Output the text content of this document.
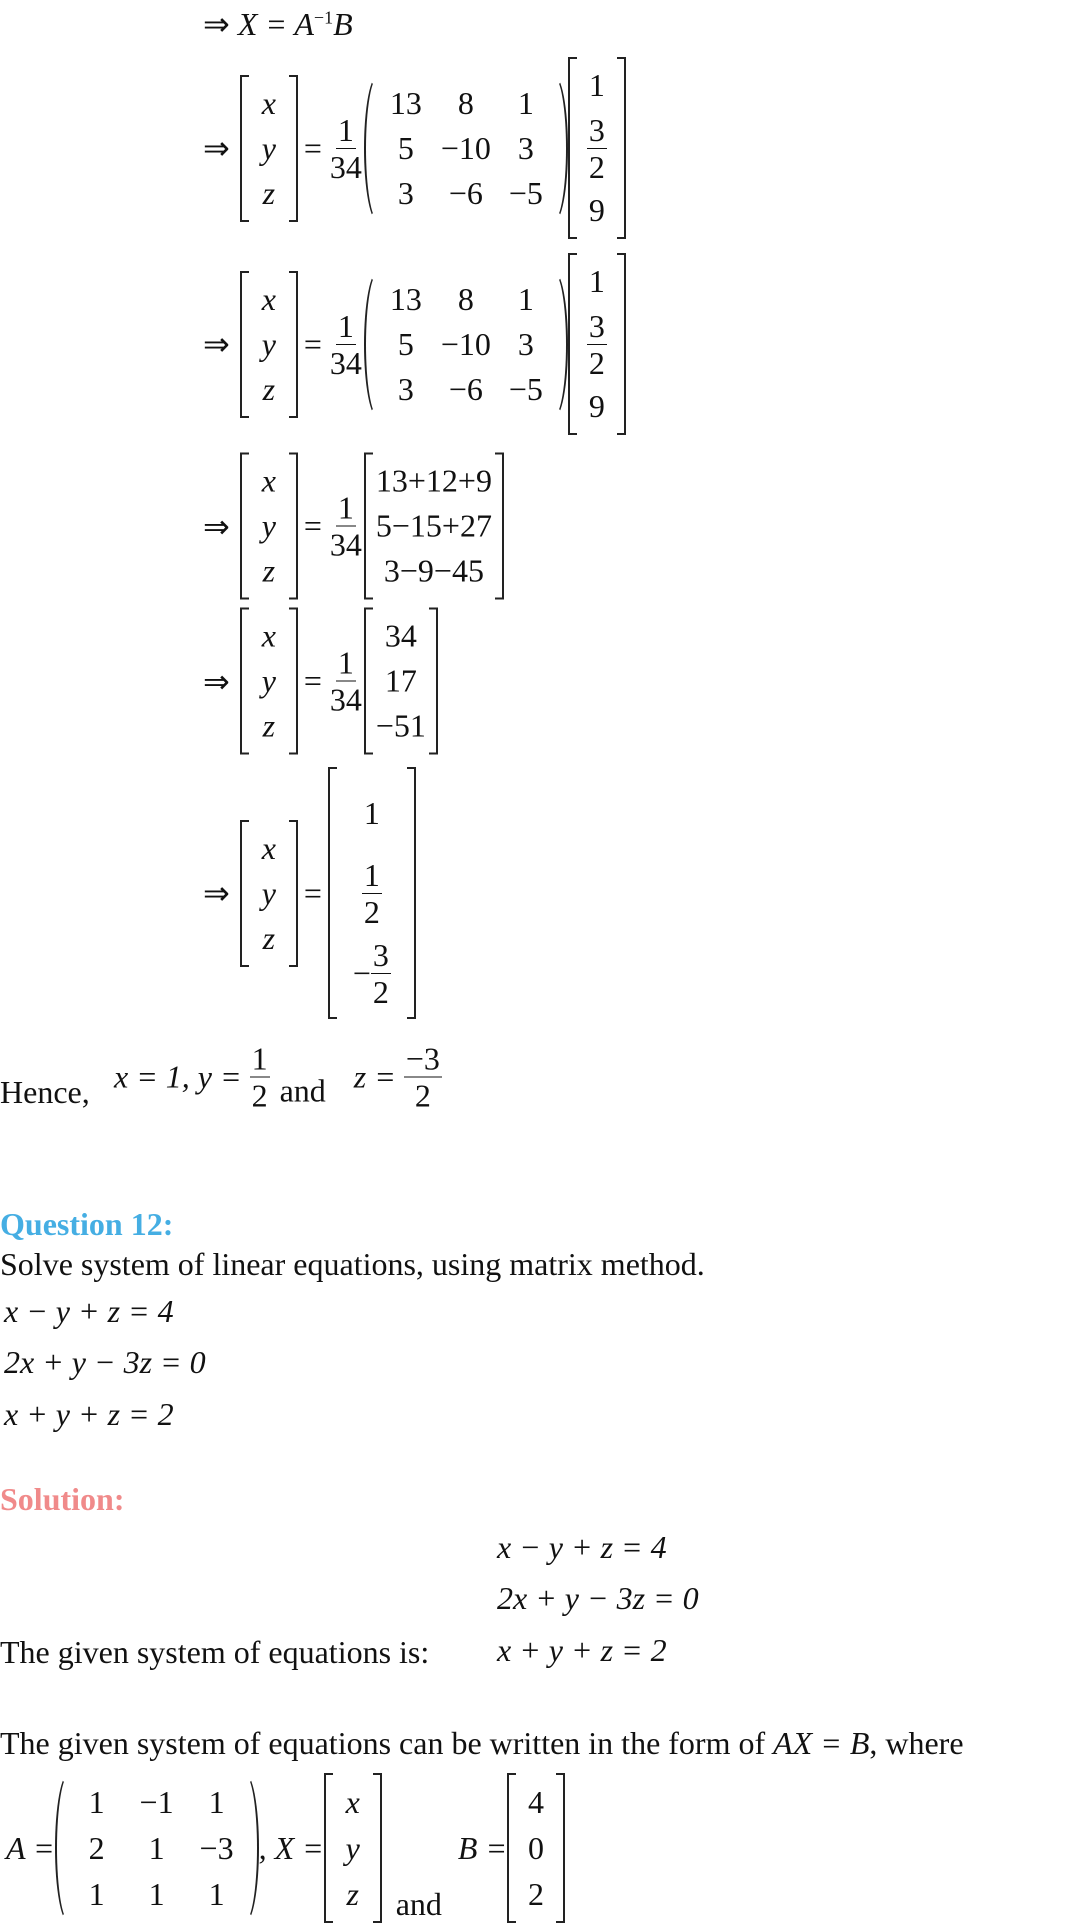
⇒ $X = A^{-1}B$
⇒
x
y
z
= $\frac{1}{34}$
13	8	1
5 −10 3
3	−6 −5
1
$\frac{3}{2}$
9
⇒
x
y
z
= $\frac{1}{34}$
13	8	1
5 −10 3
3	−6 −5
1
$\frac{3}{2}$
9
⇒
x
y
z
= $\frac{1}{34}$
13+12+9
5−15+27
3−9−45
⇒
x
y
z
= $\frac{1}{34}$
34
17
−51
⇒
x
y
z
=
1
$\frac{1}{2}$
− $\frac{3}{2}$
Hence, x = 1, $y = \frac{1}{2}$ and $z = \frac{-3}{2}$
Question 12:
Solve system of linear equations, using matrix method.
x − y + z = 4
2x + y − 3z = 0
x + y + z = 2
Solution:
x − y + z = 4
2x + y − 3z = 0
x + y + z = 2
The given system of equations is:
The given system of equations can be written in the form of AX = B, where
A =
1	−1	1
2	1	−3
1	1	1
, X =
x
y
z	and
B =
4
0
2
